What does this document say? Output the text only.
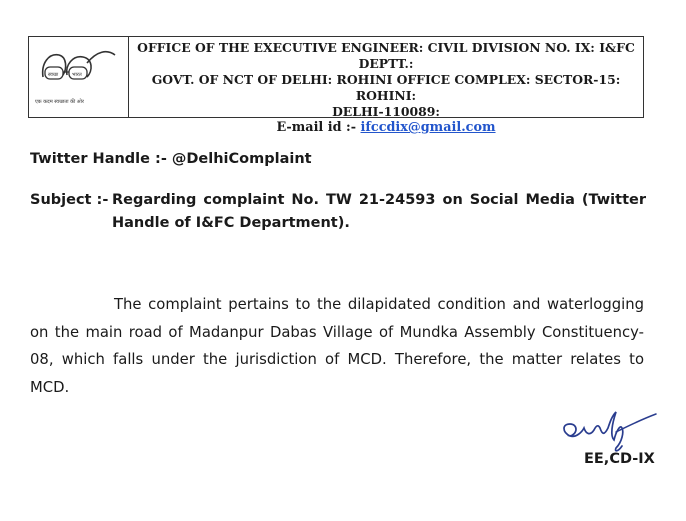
स्वच्छ	भारत
एक कदम स्वच्छता की ओर
OFFICE OF THE EXECUTIVE ENGINEER: CIVIL DIVISION NO. IX: I&FC DEPTT.:
GOVT. OF NCT OF DELHI: ROHINI OFFICE COMPLEX: SECTOR-15: ROHINI:
DELHI-110089:
E-mail id :- ifccdix@gmail.com
Twitter Handle :- @DelhiComplaint
Subject :- Regarding complaint No. TW 21-24593 on Social Media (Twitter Handle of I&FC Department).
The complaint pertains to the dilapidated condition and waterlogging on the main road of Madanpur Dabas Village of Mundka Assembly Constituency-08, which falls under the jurisdiction of MCD. Therefore, the matter relates to MCD.
EE,CD-IX
